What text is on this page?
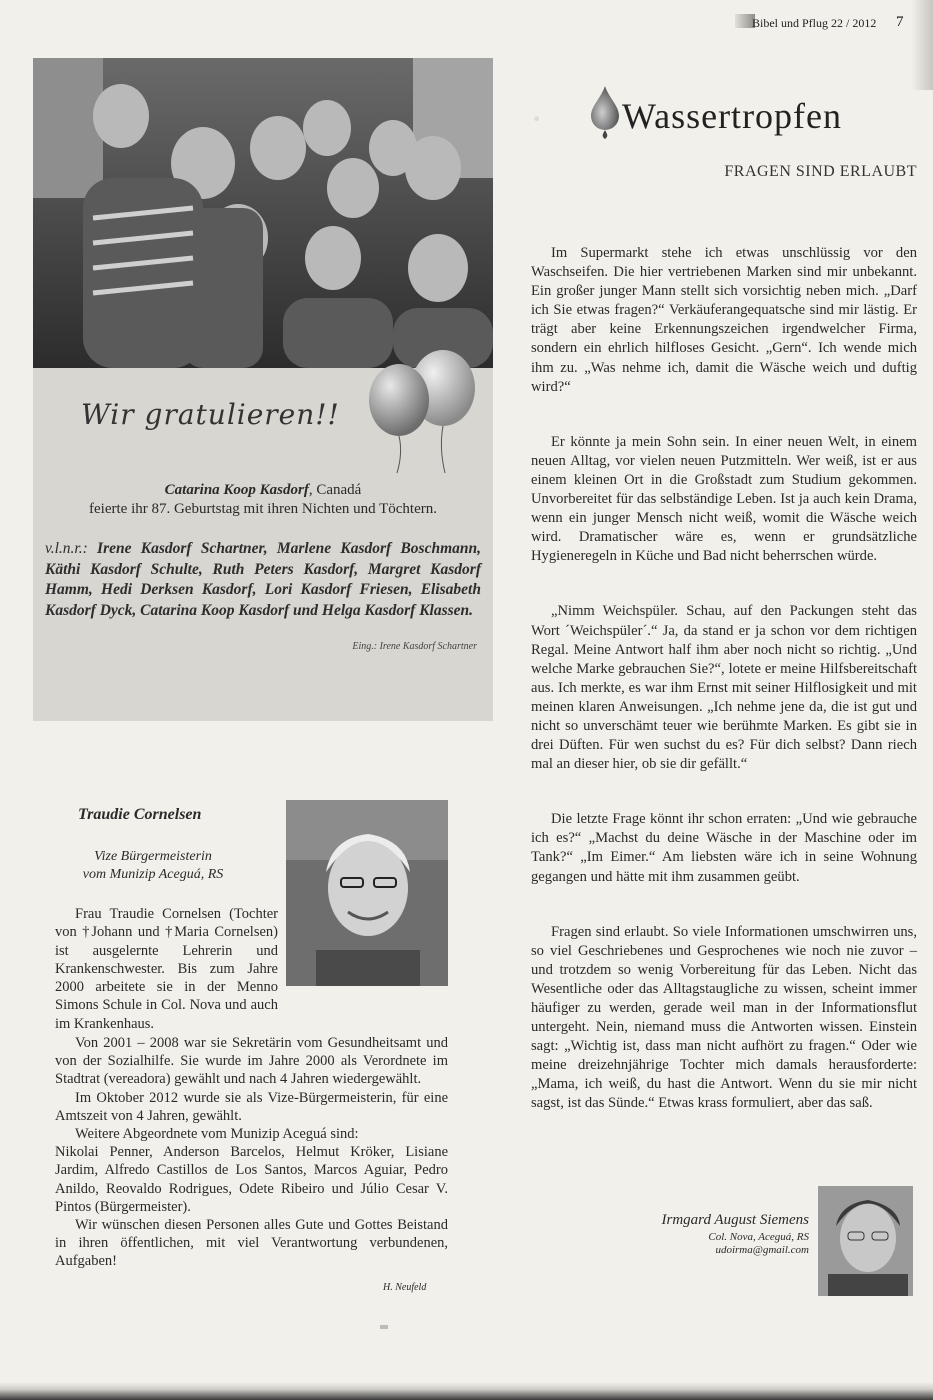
Bibel und Pflug 22 / 2012 7
Wir gratulieren!!
Catarina Koop Kasdorf, Canadá
feierte ihr 87. Geburtstag mit ihren Nichten und Töchtern.
v.l.n.r.: Irene Kasdorf Schartner, Marlene Kasdorf Boschmann, Käthi Kasdorf Schulte, Ruth Peters Kasdorf, Margret Kasdorf Hamm, Hedi Derksen Kasdorf, Lori Kasdorf Friesen, Elisabeth Kasdorf Dyck, Catarina Koop Kasdorf und Helga Kasdorf Klassen.
Eing.: Irene Kasdorf Schartner
· Wassertropfen
FRAGEN SIND ERLAUBT

Im Supermarkt stehe ich etwas unschlüssig vor den Waschseifen. Die hier vertriebenen Marken sind mir unbekannt. Ein großer junger Mann stellt sich vorsichtig neben mich. „Darf ich Sie etwas fragen?“ Verkäuferangequatsche sind mir lästig. Er trägt aber keine Erkennungszeichen irgendwelcher Firma, sondern ein ehrlich hilfloses Gesicht. „Gern“. Ich wende mich ihm zu. „Was nehme ich, damit die Wäsche weich und duftig wird?“

Er könnte ja mein Sohn sein. In einer neuen Welt, in einem neuen Alltag, vor vielen neuen Putzmitteln. Wer weiß, ist er aus einem kleinen Ort in die Großstadt zum Studium gekommen. Unvorbereitet für das selbständige Leben. Ist ja auch kein Drama, wenn ein junger Mensch nicht weiß, womit die Wäsche weich wird. Dramatischer wäre es, wenn er grundsätzliche Hygieneregeln in Küche und Bad nicht beherrschen würde.

„Nimm Weichspüler. Schau, auf den Packungen steht das Wort ´Weichspüler´.“ Ja, da stand er ja schon vor dem richtigen Regal. Meine Antwort half ihm aber noch nicht so richtig. „Und welche Marke gebrauchen Sie?“, lotete er meine Hilfsbereitschaft aus. Ich merkte, es war ihm Ernst mit seiner Hilflosigkeit und mit meinen klaren Anweisungen. „Ich nehme jene da, die ist gut und nicht so unverschämt teuer wie berühmte Marken. Es gibt sie in drei Düften. Für wen suchst du es? Für dich selbst? Dann riech mal an dieser hier, ob sie dir gefällt.“

Die letzte Frage könnt ihr schon erraten: „Und wie gebrauche ich es?“ „Machst du deine Wäsche in der Maschine oder im Tank?“ „Im Eimer.“ Am liebsten wäre ich in seine Wohnung gegangen und hätte mit ihm zusammen geübt.

Fragen sind erlaubt. So viele Informationen umschwirren uns, so viel Geschriebenes und Gesprochenes wie noch nie zuvor – und trotzdem so wenig Vorbereitung für das Leben. Nicht das Wesentliche oder das Alltagstaugliche zu wissen, scheint immer häufiger zu werden, gerade weil man in der Informationsflut untergeht. Nein, niemand muss die Antworten wissen. Einstein sagt: „Wichtig ist, dass man nicht aufhört zu fragen.“ Oder wie meine dreizehnjährige Tochter mich damals herausforderte: „Mama, ich weiß, du hast die Antwort. Wenn du sie mir nicht sagst, ist das Sünde.“ Etwas krass formuliert, aber das saß.

Irmgard August Siemens
Col. Nova, Aceguá, RS
udoirma@gmail.com
Traudie Cornelsen
Vize Bürgermeisterin
vom Munizip Aceguá, RS

Frau Traudie Cornelsen (Tochter von †Johann und †Maria Cornelsen) ist ausgelernte Lehrerin und Krankenschwester. Bis zum Jahre 2000 arbeitete sie in der Menno Simons Schule in Col. Nova und auch im Krankenhaus.

Von 2001 – 2008 war sie Sekretärin vom Gesundheitsamt und von der Sozialhilfe. Sie wurde im Jahre 2000 als Verordnete im Stadtrat (vereadora) gewählt und nach 4 Jahren wiedergewählt.

Im Oktober 2012 wurde sie als Vize-Bürgermeisterin, für eine Amtszeit von 4 Jahren, gewählt.

Weitere Abgeordnete vom Munizip Aceguá sind:

Nikolai Penner, Anderson Barcelos, Helmut Kröker, Lisiane Jardim, Alfredo Castillos de Los Santos, Marcos Aguiar, Pedro Anildo, Reovaldo Rodrigues, Odete Ribeiro und Júlio Cesar V. Pintos (Bürgermeister).

Wir wünschen diesen Personen alles Gute und Gottes Beistand in ihren öffentlichen, mit viel Verantwortung verbundenen, Aufgaben!

H. Neufeld
